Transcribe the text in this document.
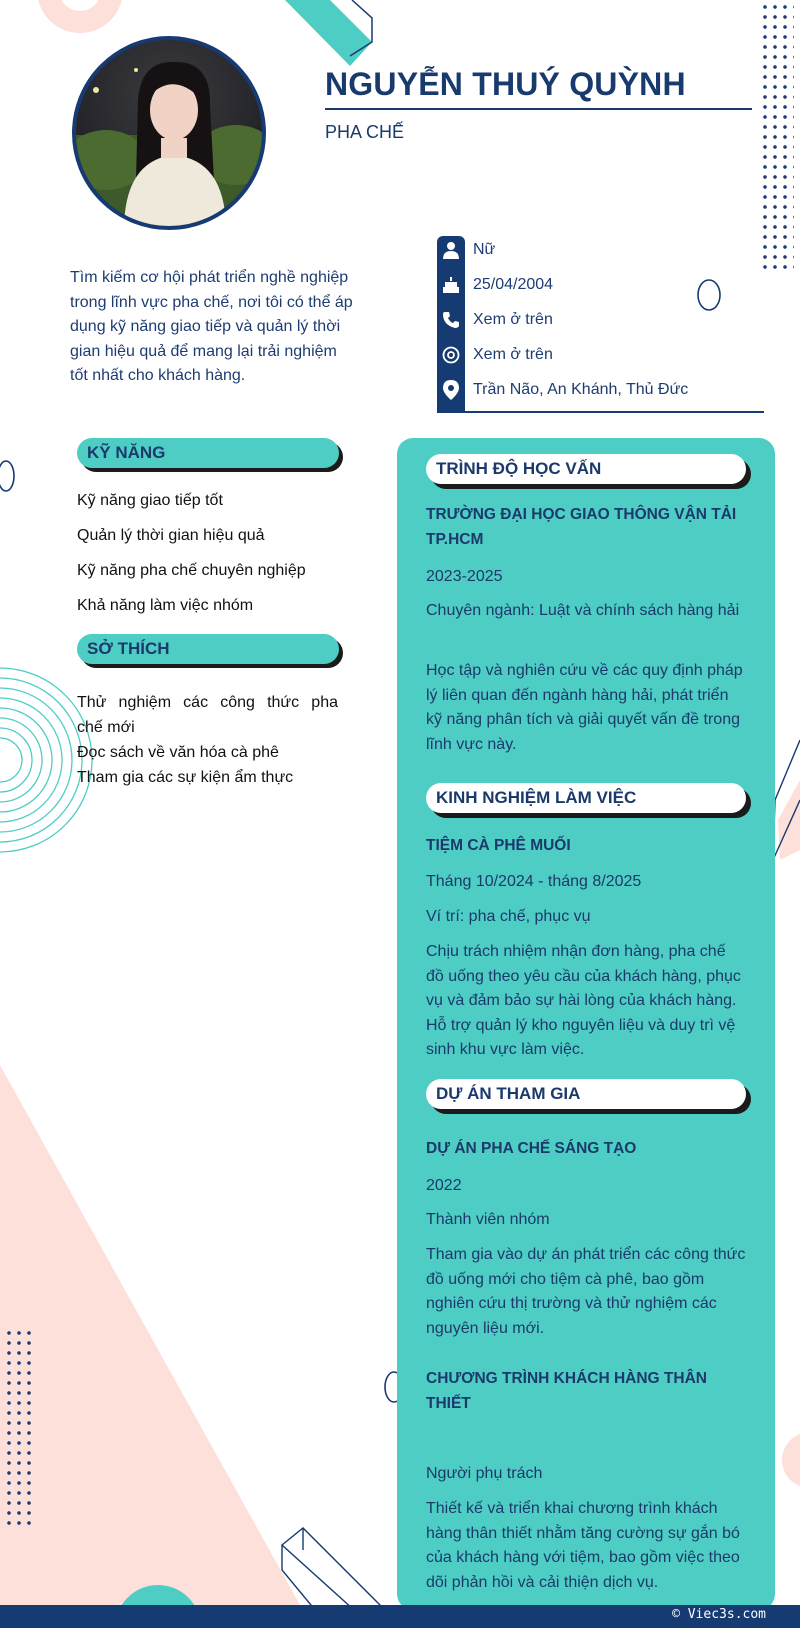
NGUYỄN THUÝ QUỲNH
PHA CHẾ
Tìm kiếm cơ hội phát triển nghề nghiệp trong lĩnh vực pha chế, nơi tôi có thể áp dụng kỹ năng giao tiếp và quản lý thời gian hiệu quả để mang lại trải nghiệm tốt nhất cho khách hàng.
Nữ
25/04/2004
Xem ở trên
Xem ở trên
Trần Não, An Khánh, Thủ Đức
KỸ NĂNG
Kỹ năng giao tiếp tốt
Quản lý thời gian hiệu quả
Kỹ năng pha chế chuyên nghiệp
Khả năng làm việc nhóm
SỞ THÍCH
Thử nghiệm các công thức pha
chế mới
Đọc sách về văn hóa cà phê
Tham gia các sự kiện ẩm thực
TRÌNH ĐỘ HỌC VẤN
TRƯỜNG ĐẠI HỌC GIAO THÔNG VẬN TẢI TP.HCM
2023-2025
Chuyên ngành: Luật và chính sách hàng hải
Học tập và nghiên cứu về các quy định pháp lý liên quan đến ngành hàng hải, phát triển kỹ năng phân tích và giải quyết vấn đề trong lĩnh vực này.
KINH NGHIỆM LÀM VIỆC
TIỆM CÀ PHÊ MUỐI
Tháng 10/2024 - tháng 8/2025
Ví trí: pha chế, phục vụ
Chịu trách nhiệm nhận đơn hàng, pha chế đồ uống theo yêu cầu của khách hàng, phục vụ và đảm bảo sự hài lòng của khách hàng. Hỗ trợ quản lý kho nguyên liệu và duy trì vệ sinh khu vực làm việc.
DỰ ÁN THAM GIA
DỰ ÁN PHA CHẾ SÁNG TẠO
2022
Thành viên nhóm
Tham gia vào dự án phát triển các công thức đồ uống mới cho tiệm cà phê, bao gồm nghiên cứu thị trường và thử nghiệm các nguyên liệu mới.
CHƯƠNG TRÌNH KHÁCH HÀNG THÂN THIẾT
Người phụ trách
Thiết kế và triển khai chương trình khách hàng thân thiết nhằm tăng cường sự gắn bó của khách hàng với tiệm, bao gồm việc theo dõi phản hồi và cải thiện dịch vụ.
© Viec3s.com
